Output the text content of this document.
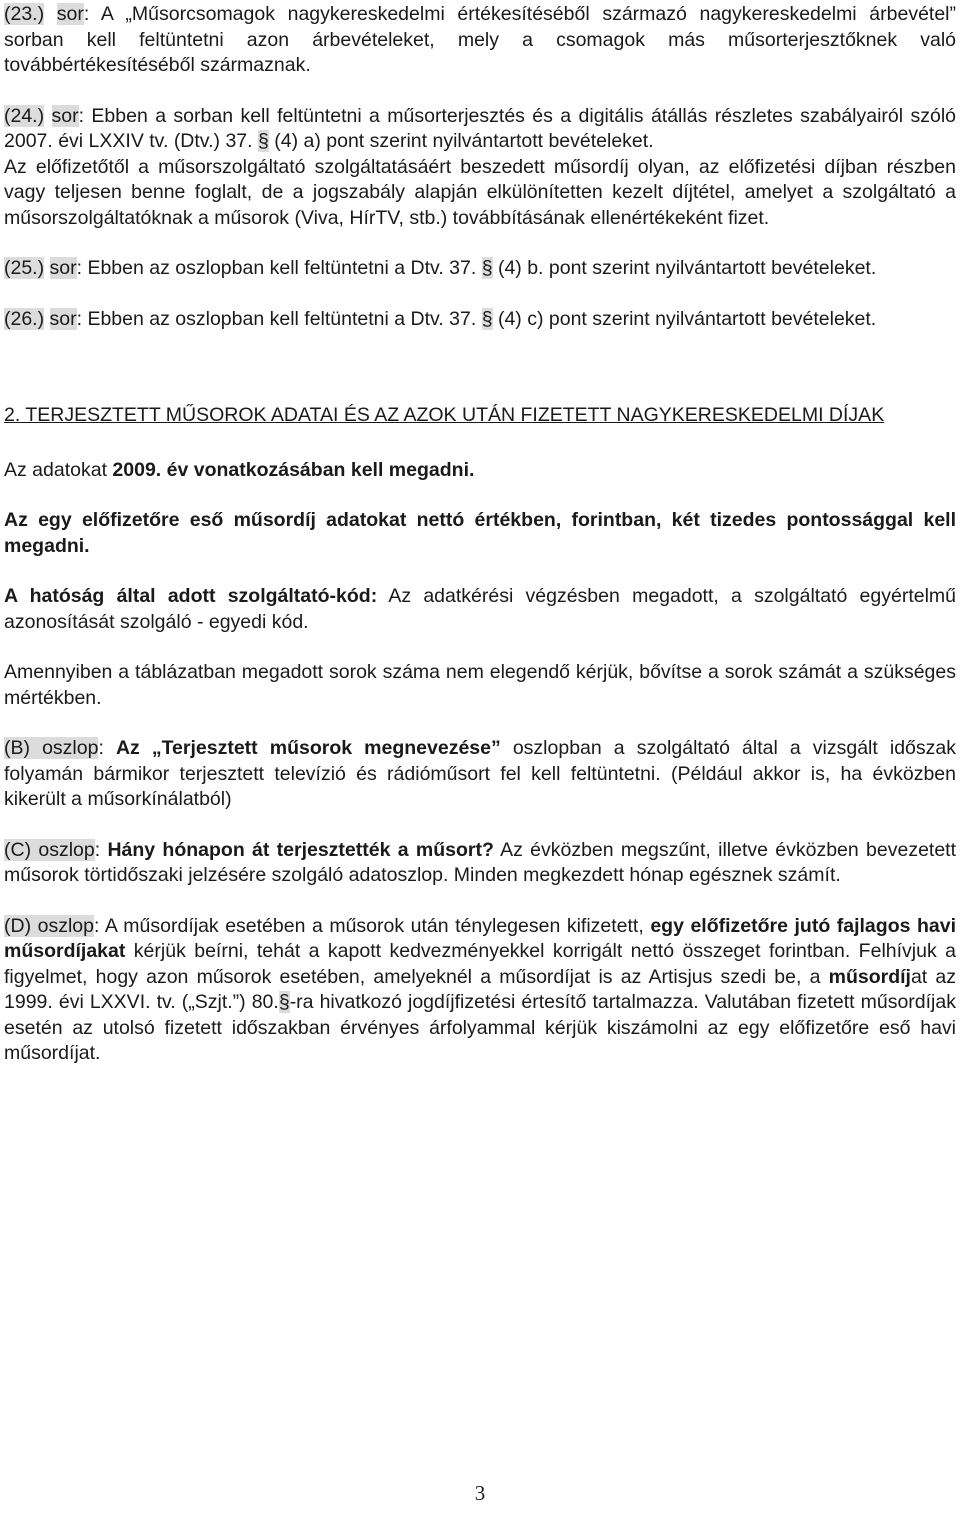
(23.) sor: A „Műsorcsomagok nagykereskedelmi értékesítéséből származó nagykereskedelmi árbevétel” sorban kell feltüntetni azon árbevételeket, mely a csomagok más műsorterjesztőknek való továbbértékesítéséből származnak.

(24.) sor: Ebben a sorban kell feltüntetni a műsorterjesztés és a digitális átállás részletes szabályairól szóló 2007. évi LXXIV tv. (Dtv.) 37. § (4) a) pont szerint nyilvántartott bevételeket.

Az előfizetőtől a műsorszolgáltató szolgáltatásáért beszedett műsordíj olyan, az előfizetési díjban részben vagy teljesen benne foglalt, de a jogszabály alapján elkülönítetten kezelt díjtétel, amelyet a szolgáltató a műsorszolgáltatóknak a műsorok (Viva, HírTV, stb.) továbbításának ellenértékeként fizet.

(25.) sor: Ebben az oszlopban kell feltüntetni a Dtv. 37. § (4) b. pont szerint nyilvántartott bevételeket.

(26.) sor: Ebben az oszlopban kell feltüntetni a Dtv. 37. § (4) c) pont szerint nyilvántartott bevételeket.

2. TERJESZTETT MŰSOROK ADATAI ÉS AZ AZOK UTÁN FIZETETT NAGYKERESKEDELMI DÍJAK

Az adatokat 2009. év vonatkozásában kell megadni.

Az egy előfizetőre eső műsordíj adatokat nettó értékben, forintban, két tizedes pontossággal kell megadni.

A hatóság által adott szolgáltató-kód: Az adatkérési végzésben megadott, a szolgáltató egyértelmű azonosítását szolgáló - egyedi kód.

Amennyiben a táblázatban megadott sorok száma nem elegendő kérjük, bővítse a sorok számát a szükséges mértékben.

(B) oszlop: Az „Terjesztett műsorok megnevezése” oszlopban a szolgáltató által a vizsgált időszak folyamán bármikor terjesztett televízió és rádióműsort fel kell feltüntetni. (Például akkor is, ha évközben kikerült a műsorkínálatból)

(C) oszlop: Hány hónapon át terjesztették a műsort? Az évközben megszűnt, illetve évközben bevezetett műsorok törtidőszaki jelzésére szolgáló adatoszlop. Minden megkezdett hónap egésznek számít.

(D) oszlop: A műsordíjak esetében a műsorok után ténylegesen kifizetett, egy előfizetőre jutó fajlagos havi műsordíjakat kérjük beírni, tehát a kapott kedvezményekkel korrigált nettó összeget forintban. Felhívjuk a figyelmet, hogy azon műsorok esetében, amelyeknél a műsordíjat is az Artisjus szedi be, a műsordíjat az 1999. évi LXXVI. tv. („Szjt.”) 80.§-ra hivatkozó jogdíjfizetési értesítő tartalmazza. Valutában fizetett műsordíjak esetén az utolsó fizetett időszakban érvényes árfolyammal kérjük kiszámolni az egy előfizetőre eső havi műsordíjat.

3
